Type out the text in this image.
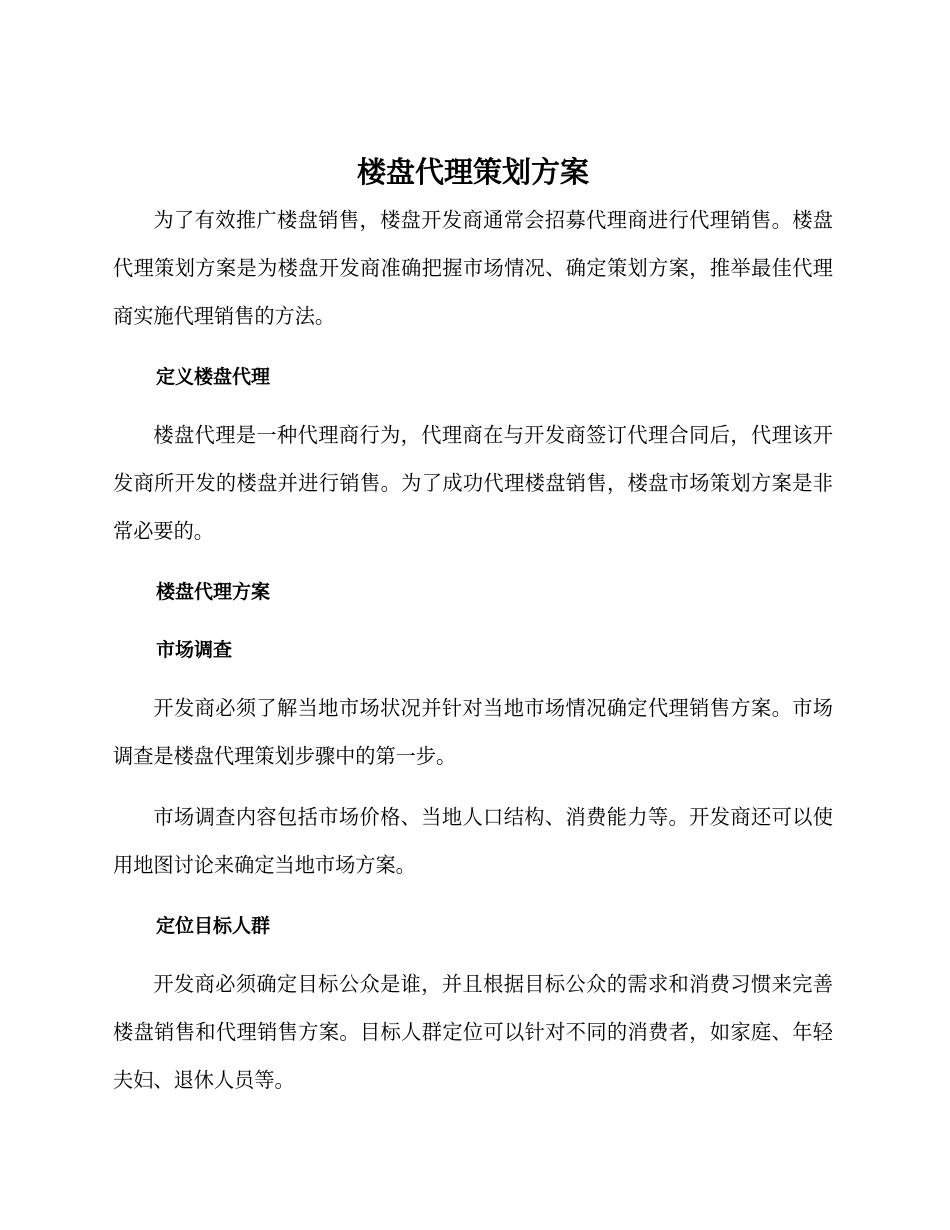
楼盘代理策划方案

为了有效推广楼盘销售，楼盘开发商通常会招募代理商进行代理销售。楼盘代理策划方案是为楼盘开发商准确把握市场情况、确定策划方案，推举最佳代理商实施代理销售的方法。

定义楼盘代理

楼盘代理是一种代理商行为，代理商在与开发商签订代理合同后，代理该开发商所开发的楼盘并进行销售。为了成功代理楼盘销售，楼盘市场策划方案是非常必要的。

楼盘代理方案
市场调查

开发商必须了解当地市场状况并针对当地市场情况确定代理销售方案。市场调查是楼盘代理策划步骤中的第一步。

市场调查内容包括市场价格、当地人口结构、消费能力等。开发商还可以使用地图讨论来确定当地市场方案。

定位目标人群

开发商必须确定目标公众是谁，并且根据目标公众的需求和消费习惯来完善楼盘销售和代理销售方案。目标人群定位可以针对不同的消费者，如家庭、年轻夫妇、退休人员等。
